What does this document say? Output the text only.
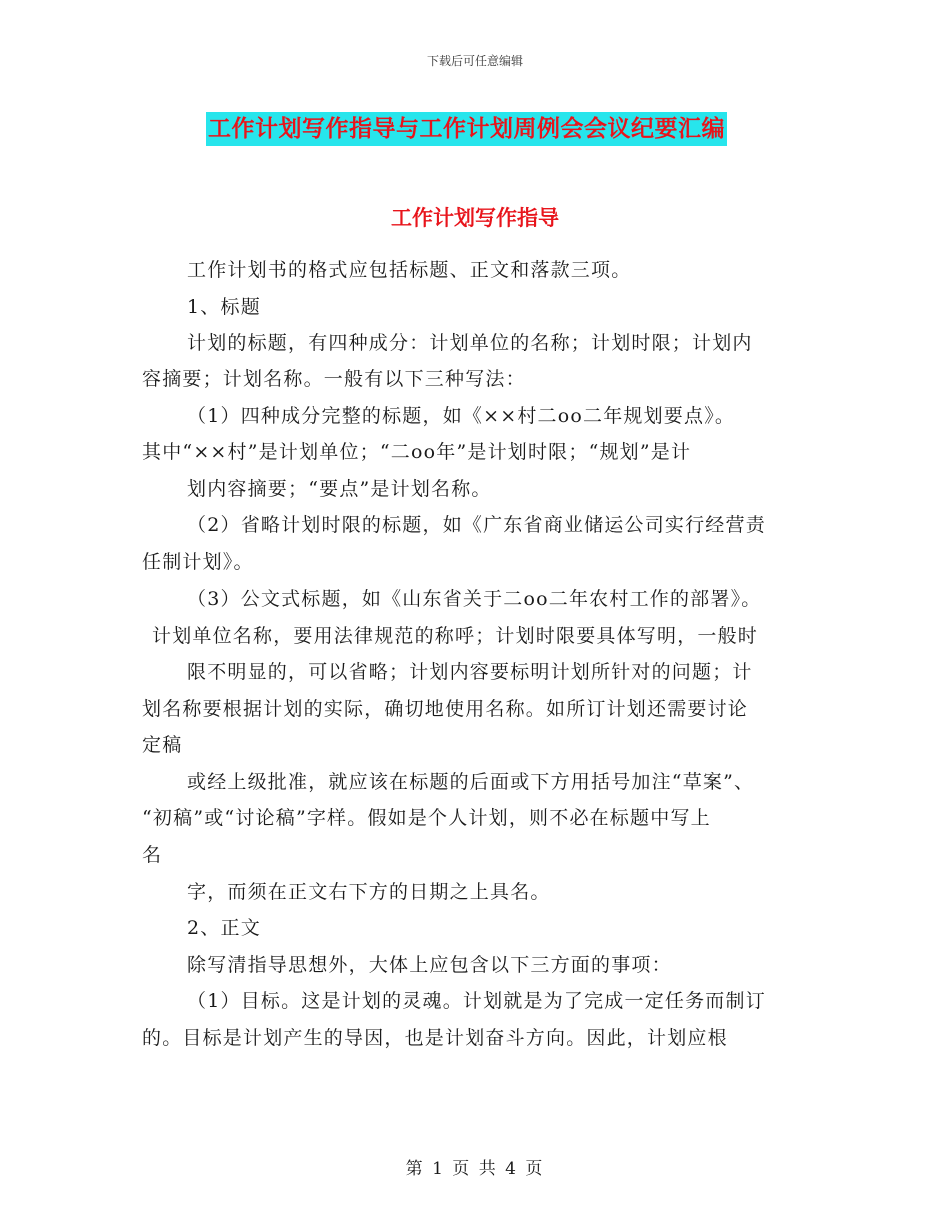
下载后可任意编辑
工作计划写作指导与工作计划周例会会议纪要汇编
工作计划写作指导
工作计划书的格式应包括标题、正文和落款三项。
1、标题
计划的标题，有四种成分：计划单位的名称；计划时限；计划内
容摘要；计划名称。一般有以下三种写法：
（1）四种成分完整的标题，如《××村二oo二年规划要点》。
其中“××村”是计划单位；“二oo年”是计划时限；“规划”是计
划内容摘要；“要点”是计划名称。
（2）省略计划时限的标题，如《广东省商业储运公司实行经营责
任制计划》。
（3）公文式标题，如《山东省关于二oo二年农村工作的部署》。
计划单位名称，要用法律规范的称呼；计划时限要具体写明，一般时
限不明显的，可以省略；计划内容要标明计划所针对的问题；计
划名称要根据计划的实际，确切地使用名称。如所订计划还需要讨论
定稿
或经上级批准，就应该在标题的后面或下方用括号加注“草案”、
“初稿”或“讨论稿”字样。假如是个人计划，则不必在标题中写上
名
字，而须在正文右下方的日期之上具名。
2、正文
除写清指导思想外，大体上应包含以下三方面的事项：
（1）目标。这是计划的灵魂。计划就是为了完成一定任务而制订
的。目标是计划产生的导因，也是计划奋斗方向。因此，计划应根
第 1 页 共 4 页
